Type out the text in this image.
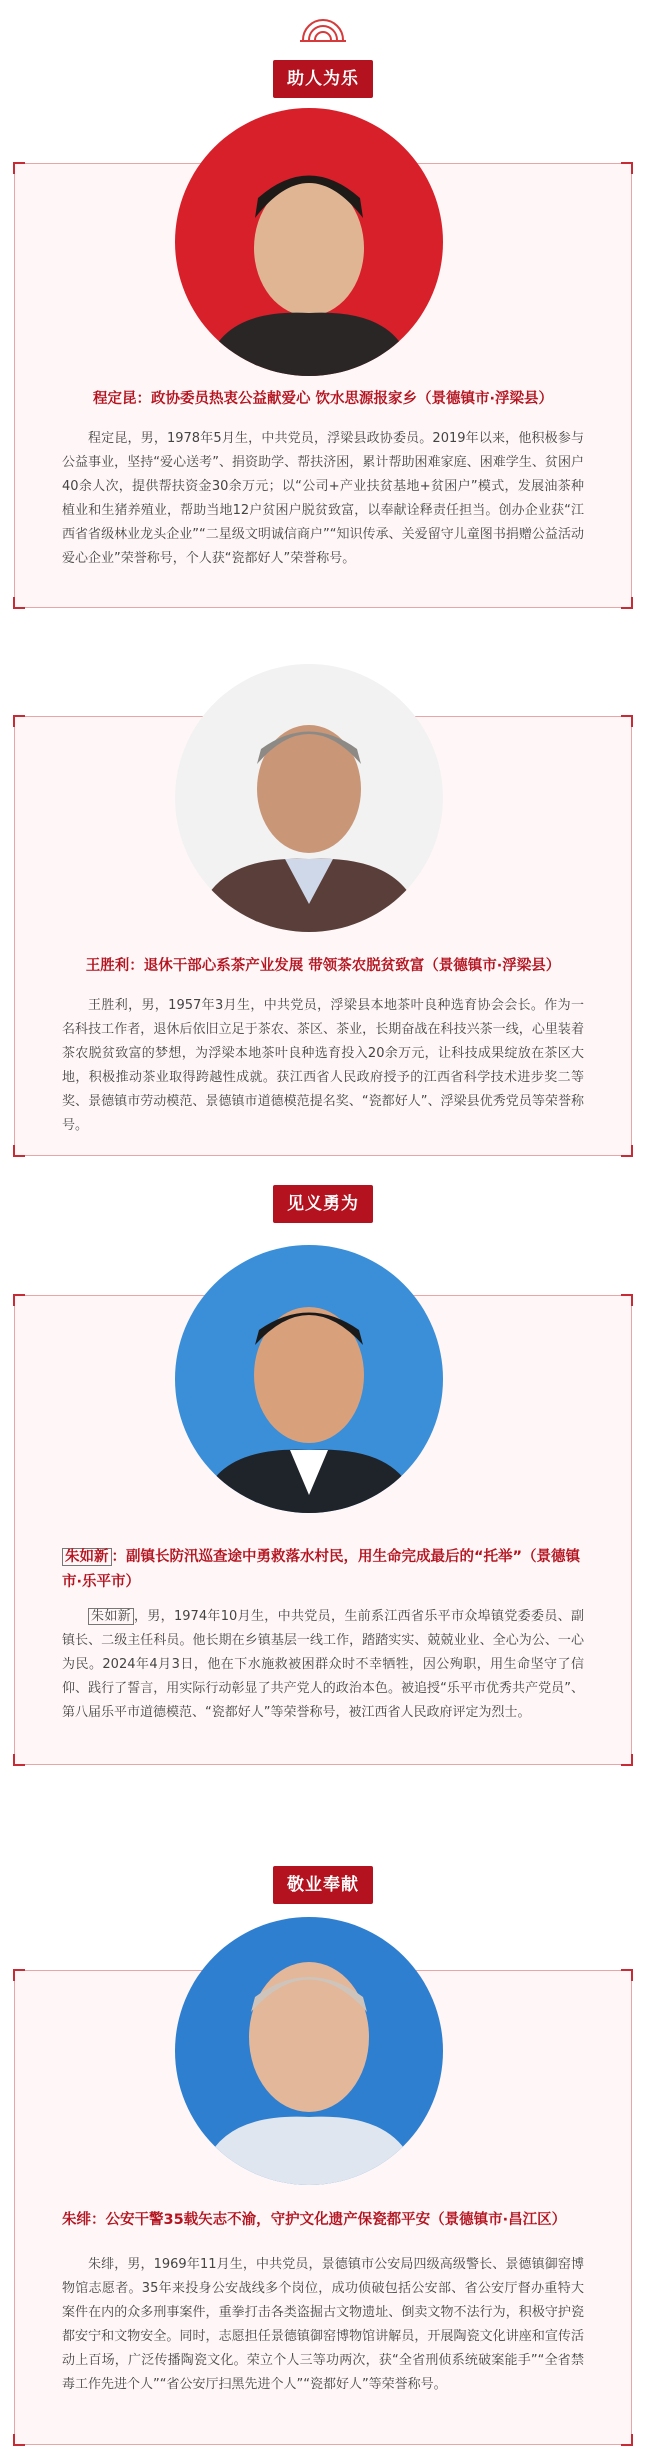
助人为乐
程定昆：政协委员热衷公益献爱心 饮水思源报家乡（景德镇市·浮梁县）
程定昆，男，1978年5月生，中共党员，浮梁县政协委员。2019年以来，他积极参与公益事业，坚持“爱心送考”、捐资助学、帮扶济困，累计帮助困难家庭、困难学生、贫困户40余人次，提供帮扶资金30余万元；以“公司+产业扶贫基地+贫困户”模式，发展油茶种植业和生猪养殖业，帮助当地12户贫困户脱贫致富，以奉献诠释责任担当。创办企业获“江西省省级林业龙头企业”“二星级文明诚信商户”“知识传承、关爱留守儿童图书捐赠公益活动爱心企业”荣誉称号，个人获“瓷都好人”荣誉称号。
王胜利：退休干部心系茶产业发展 带领茶农脱贫致富（景德镇市·浮梁县）
王胜利，男，1957年3月生，中共党员，浮梁县本地茶叶良种选育协会会长。作为一名科技工作者，退休后依旧立足于茶农、茶区、茶业，长期奋战在科技兴茶一线，心里装着茶农脱贫致富的梦想，为浮梁本地茶叶良种选育投入20余万元，让科技成果绽放在茶区大地，积极推动茶业取得跨越性成就。获江西省人民政府授予的江西省科学技术进步奖二等奖、景德镇市劳动模范、景德镇市道德模范提名奖、“瓷都好人”、浮梁县优秀党员等荣誉称号。
见义勇为
朱如新 ：副镇长防汛巡查途中勇救落水村民，用生命完成最后的“托举”（景德镇市·乐平市）
朱如新 ，男，1974年10月生，中共党员，生前系江西省乐平市众埠镇党委委员、副镇长、二级主任科员。他长期在乡镇基层一线工作，踏踏实实、兢兢业业、全心为公、一心为民。2024年4月3日，他在下水施救被困群众时不幸牺牲，因公殉职，用生命坚守了信仰、践行了誓言，用实际行动彰显了共产党人的政治本色。被追授“乐平市优秀共产党员”、第八届乐平市道德模范、“瓷都好人”等荣誉称号，被江西省人民政府评定为烈士。
敬业奉献
朱绯：公安干警35载矢志不渝，守护文化遗产保瓷都平安（景德镇市·昌江区）
朱绯，男，1969年11月生，中共党员，景德镇市公安局四级高级警长、景德镇御窑博物馆志愿者。35年来投身公安战线多个岗位，成功侦破包括公安部、省公安厅督办重特大案件在内的众多刑事案件，重拳打击各类盗掘古文物遗址、倒卖文物不法行为，积极守护瓷都安宁和文物安全。同时，志愿担任景德镇御窑博物馆讲解员，开展陶瓷文化讲座和宣传活动上百场，广泛传播陶瓷文化。荣立个人三等功两次，获“全省刑侦系统破案能手”“全省禁毒工作先进个人”“省公安厅扫黑先进个人”“瓷都好人”等荣誉称号。
